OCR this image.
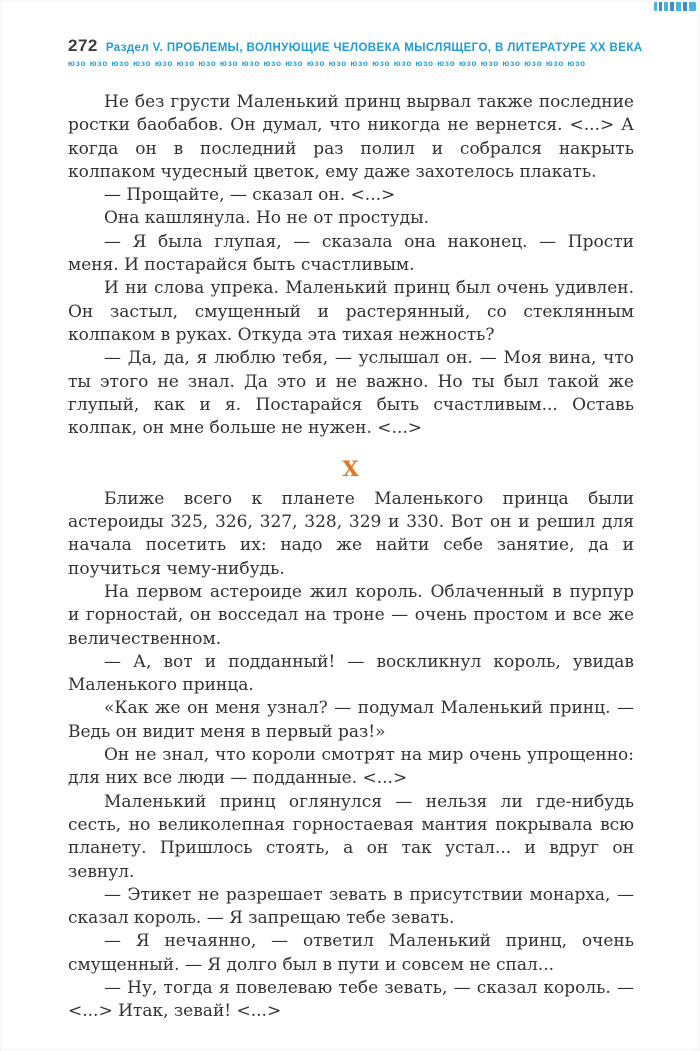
272 Раздел V. ПРОБЛЕМЫ, ВОЛНУЮЩИЕ ЧЕЛОВЕКА МЫСЛЯЩЕГО, В ЛИТЕРАТУРЕ XX ВЕКА
юзо юзо юзо юзо юзо юзо юзо юзо юзо юзо юзо юзо юзо юзо юзо юзо юзо юзо юзо юзо юзо юзо юзо юзо

Не без грусти Маленький принц вырвал также последние ростки баобабов. Он думал, что никогда не вернется. <...> А когда он в последний раз полил и собрался накрыть колпаком чудесный цветок, ему даже захотелось плакать.

— Прощайте, — сказал он. <...>

Она кашлянула. Но не от простуды.

— Я была глупая, — сказала она наконец. — Прости меня. И постарайся быть счастливым.

И ни слова упрека. Маленький принц был очень удивлен. Он застыл, смущенный и растерянный, со стеклянным колпаком в руках. Откуда эта тихая нежность?

— Да, да, я люблю тебя, — услышал он. — Моя вина, что ты этого не знал. Да это и не важно. Но ты был такой же глупый, как и я. Постарайся быть счастливым... Оставь колпак, он мне больше не нужен. <...>

X

Ближе всего к планете Маленького принца были астероиды 325, 326, 327, 328, 329 и 330. Вот он и решил для начала посетить их: надо же найти себе занятие, да и поучиться чему-нибудь.

На первом астероиде жил король. Облаченный в пурпур и горностай, он восседал на троне — очень простом и все же величественном.

— А, вот и подданный! — воскликнул король, увидав Маленького принца.

«Как же он меня узнал? — подумал Маленький принц. — Ведь он видит меня в первый раз!»

Он не знал, что короли смотрят на мир очень упрощенно: для них все люди — подданные. <...>

Маленький принц оглянулся — нельзя ли где-нибудь сесть, но великолепная горностаевая мантия покрывала всю планету. Пришлось стоять, а он так устал... и вдруг он зевнул.

— Этикет не разрешает зевать в присутствии монарха, — сказал король. — Я запрещаю тебе зевать.

— Я нечаянно, — ответил Маленький принц, очень смущенный. — Я долго был в пути и совсем не спал...

— Ну, тогда я повелеваю тебе зевать, — сказал король. — <...> Итак, зевай! <...>
